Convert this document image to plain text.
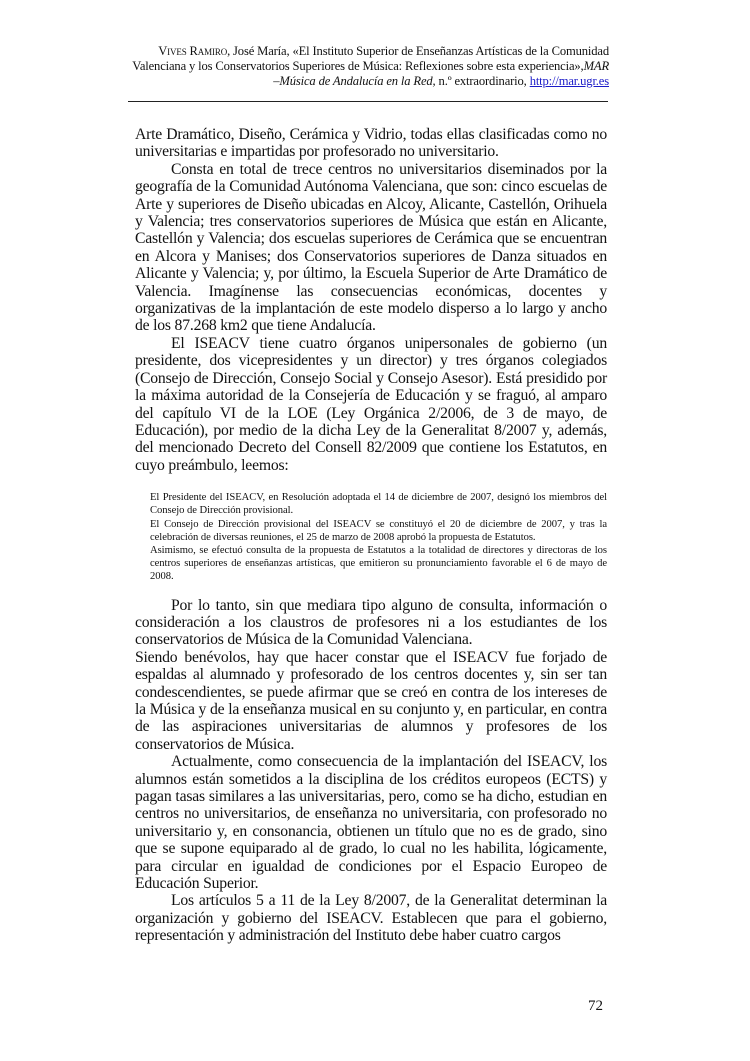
Vives Ramiro, José María, «El Instituto Superior de Enseñanzas Artísticas de la Comunidad
Valenciana y los Conservatorios Superiores de Música: Reflexiones sobre esta experiencia»,MAR
–Música de Andalucía en la Red, n.º extraordinario, http://mar.ugr.es

Arte Dramático, Diseño, Cerámica y Vidrio, todas ellas clasificadas como no universitarias e impartidas por profesorado no universitario.

Consta en total de trece centros no universitarios diseminados por la geografía de la Comunidad Autónoma Valenciana, que son: cinco escuelas de Arte y superiores de Diseño ubicadas en Alcoy, Alicante, Castellón, Orihuela y Valencia; tres conservatorios superiores de Música que están en Alicante, Castellón y Valencia; dos escuelas superiores de Cerámica que se encuentran en Alcora y Manises; dos Conservatorios superiores de Danza situados en Alicante y Valencia; y, por último, la Escuela Superior de Arte Dramático de Valencia. Imagínense las consecuencias económicas, docentes y organizativas de la implantación de este modelo disperso a lo largo y ancho de los 87.268 km2 que tiene Andalucía.

El ISEACV tiene cuatro órganos unipersonales de gobierno (un presidente, dos vicepresidentes y un director) y tres órganos colegiados (Consejo de Dirección, Consejo Social y Consejo Asesor). Está presidido por la máxima autoridad de la Consejería de Educación y se fraguó, al amparo del capítulo VI de la LOE (Ley Orgánica 2/2006, de 3 de mayo, de Educación), por medio de la dicha Ley de la Generalitat 8/2007 y, además, del mencionado Decreto del Consell 82/2009 que contiene los Estatutos, en cuyo preámbulo, leemos:

El Presidente del ISEACV, en Resolución adoptada el 14 de diciembre de 2007, designó los miembros del Consejo de Dirección provisional.

El Consejo de Dirección provisional del ISEACV se constituyó el 20 de diciembre de 2007, y tras la celebración de diversas reuniones, el 25 de marzo de 2008 aprobó la propuesta de Estatutos.

Asimismo, se efectuó consulta de la propuesta de Estatutos a la totalidad de directores y directoras de los centros superiores de enseñanzas artísticas, que emitieron su pronunciamiento favorable el 6 de mayo de 2008.

Por lo tanto, sin que mediara tipo alguno de consulta, información o consideración a los claustros de profesores ni a los estudiantes de los conservatorios de Música de la Comunidad Valenciana.

Siendo benévolos, hay que hacer constar que el ISEACV fue forjado de espaldas al alumnado y profesorado de los centros docentes y, sin ser tan condescendientes, se puede afirmar que se creó en contra de los intereses de la Música y de la enseñanza musical en su conjunto y, en particular, en contra de las aspiraciones universitarias de alumnos y profesores de los conservatorios de Música.

Actualmente, como consecuencia de la implantación del ISEACV, los alumnos están sometidos a la disciplina de los créditos europeos (ECTS) y pagan tasas similares a las universitarias, pero, como se ha dicho, estudian en centros no universitarios, de enseñanza no universitaria, con profesorado no universitario y, en consonancia, obtienen un título que no es de grado, sino que se supone equiparado al de grado, lo cual no les habilita, lógicamente, para circular en igualdad de condiciones por el Espacio Europeo de Educación Superior.

Los artículos 5 a 11 de la Ley 8/2007, de la Generalitat determinan la organización y gobierno del ISEACV. Establecen que para el gobierno, representación y administración del Instituto debe haber cuatro cargos

72
